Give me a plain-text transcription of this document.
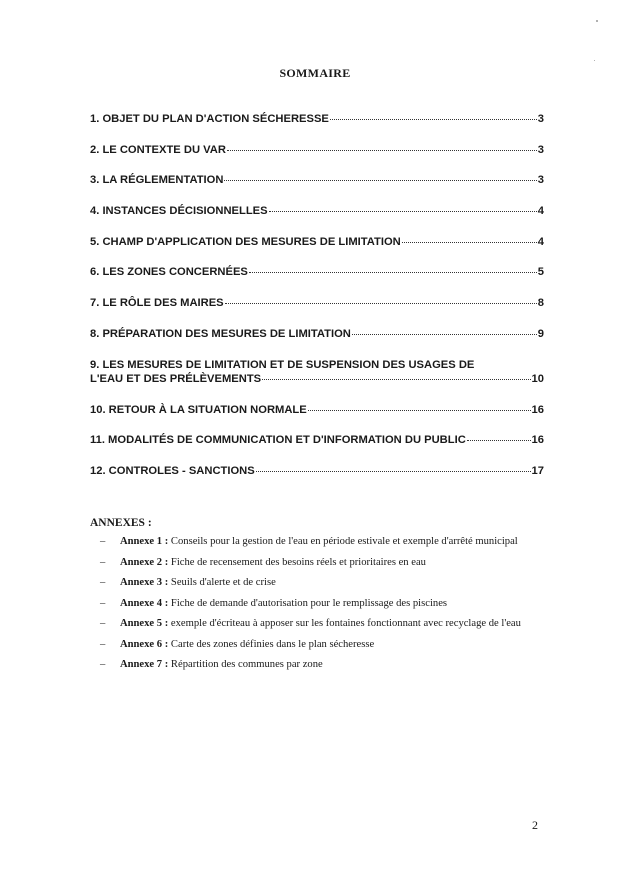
SOMMAIRE
1. OBJET DU PLAN D'ACTION SÉCHERESSE	3
2. LE CONTEXTE DU VAR	3
3. LA RÉGLEMENTATION	3
4. INSTANCES DÉCISIONNELLES	4
5. CHAMP D'APPLICATION DES MESURES DE LIMITATION	4
6. LES ZONES CONCERNÉES	5
7. LE RÔLE DES MAIRES	8
8. PRÉPARATION DES MESURES DE LIMITATION	9
9. LES MESURES DE LIMITATION ET DE SUSPENSION DES USAGES DE
L'EAU ET DES PRÉLÈVEMENTS	10
10. RETOUR À LA SITUATION NORMALE	16
11. MODALITÉS DE COMMUNICATION ET D'INFORMATION DU PUBLIC	16
12. CONTROLES - SANCTIONS	17
ANNEXES :
–	Annexe 1 : Conseils pour la gestion de l'eau en période estivale et exemple d'arrêté municipal
–	Annexe 2 : Fiche de recensement des besoins réels et prioritaires en eau
–	Annexe 3 : Seuils d'alerte et de crise
–	Annexe 4 : Fiche de demande d'autorisation pour le remplissage des piscines
–	Annexe 5 : exemple d'écriteau à apposer sur les fontaines fonctionnant avec recyclage de l'eau
–	Annexe 6 : Carte des zones définies dans le plan sécheresse
–	Annexe 7 : Répartition des communes par zone
2
